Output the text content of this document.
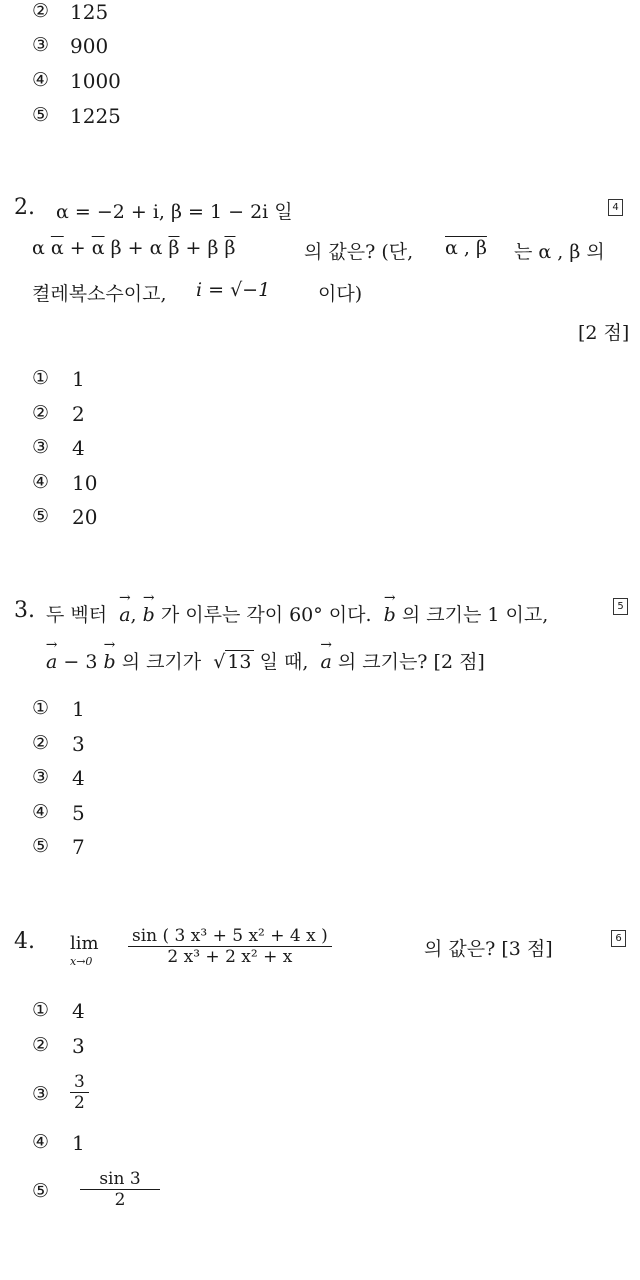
② 125
③ 900
④ 1000
⑤ 1225
2. α = −2 + i, β = 1 − 2i 일	4
α $\overline{\alpha} + \overline{\alpha}$ β + α $\overline{\beta} + \beta$ $\overline{\beta}$	의 값은? (단, α , β 는 α , β 의
켤레복소수이고, i = √−1	이다)
[2 점]
① 1
② 2
③ 4
④ 10
⑤ 20
3. 두 벡터 → a, → b 가 이루는 각이 60° 이다. → b 의 크기는 1 이고,	5
→ a − 3 → b 의 크기가  √ 13 일 때, → a 의 크기는? [2 점]
① 1
② 3
③ 4
④ 5
⑤ 7
4. lim
x→0
sin ( 3 x³ + 5 x² + 4 x )
2 x³ + 2 x² + x	의 값은? [3 점]	6
① 4
② 3
③
3
2
④ 1
⑤
sin 3
2
